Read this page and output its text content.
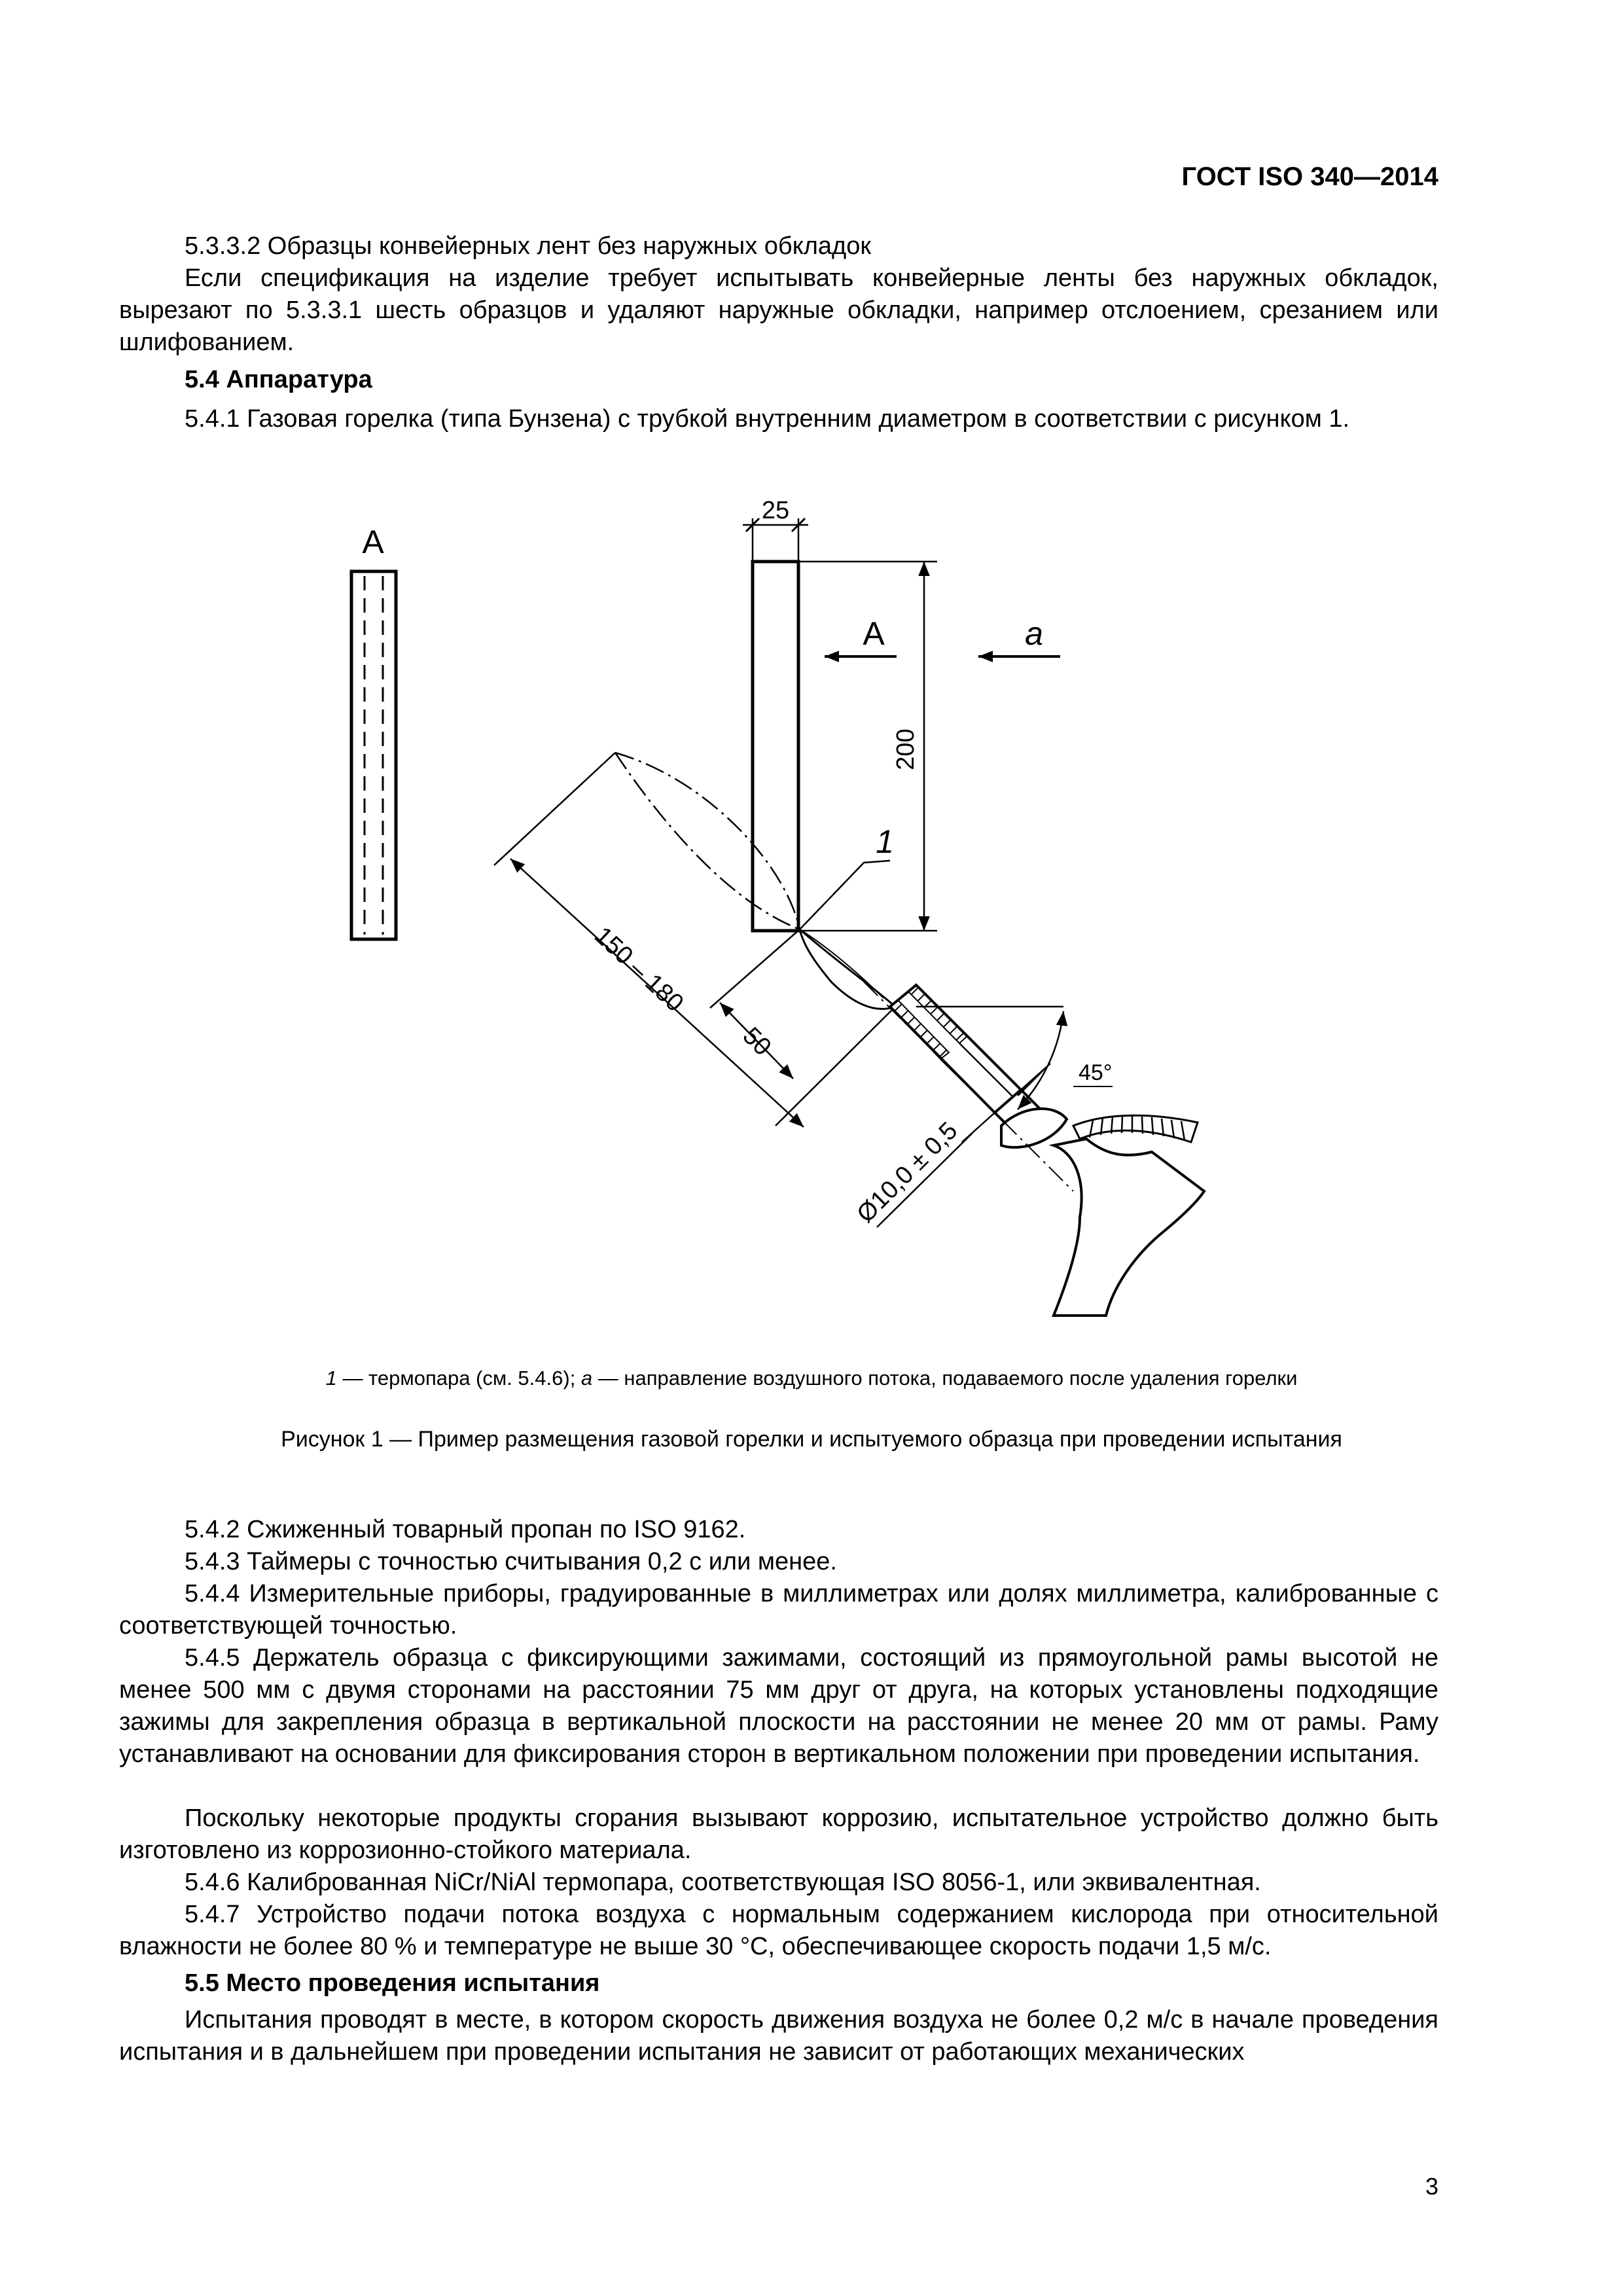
ГОСТ ISO 340—2014
5.3.3.2 Образцы конвейерных лент без наружных обкладок
Если спецификация на изделие требует испытывать конвейерные ленты без наружных обкладок, вырезают по 5.3.3.1 шесть образцов и удаляют наружные обкладки, например отслоением, срезанием или шлифованием.
5.4 Аппаратура
5.4.1 Газовая горелка (типа Бунзена) с трубкой внутренним диаметром в соответствии с рисунком 1.
A
25
200
A	a
1
150 – 180
50
Ø10,0 ± 0,5
45°
1 — термопара (см. 5.4.6); a — направление воздушного потока, подаваемого после удаления горелки
Рисунок 1 — Пример размещения газовой горелки и испытуемого образца при проведении испытания
5.4.2 Сжиженный товарный пропан по ISO 9162.
5.4.3 Таймеры с точностью считывания 0,2 с или менее.
5.4.4 Измерительные приборы, градуированные в миллиметрах или долях миллиметра, калиброванные с соответствующей точностью.
5.4.5 Держатель образца с фиксирующими зажимами, состоящий из прямоугольной рамы высотой не менее 500 мм с двумя сторонами на расстоянии 75 мм друг от друга, на которых установлены подходящие зажимы для закрепления образца в вертикальной плоскости на расстоянии не менее 20 мм от рамы. Раму устанавливают на основании для фиксирования сторон в вертикальном положении при проведении испытания.
Поскольку некоторые продукты сгорания вызывают коррозию, испытательное устройство должно быть изготовлено из коррозионно-стойкого материала.
5.4.6 Калиброванная NiCr/NiAl термопара, соответствующая ISO 8056-1, или эквивалентная.
5.4.7 Устройство подачи потока воздуха с нормальным содержанием кислорода при относительной влажности не более 80 % и температуре не выше 30 °С, обеспечивающее скорость подачи 1,5 м/с.
5.5 Место проведения испытания
Испытания проводят в месте, в котором скорость движения воздуха не более 0,2 м/с в начале проведения испытания и в дальнейшем при проведении испытания не зависит от работающих механических
3
